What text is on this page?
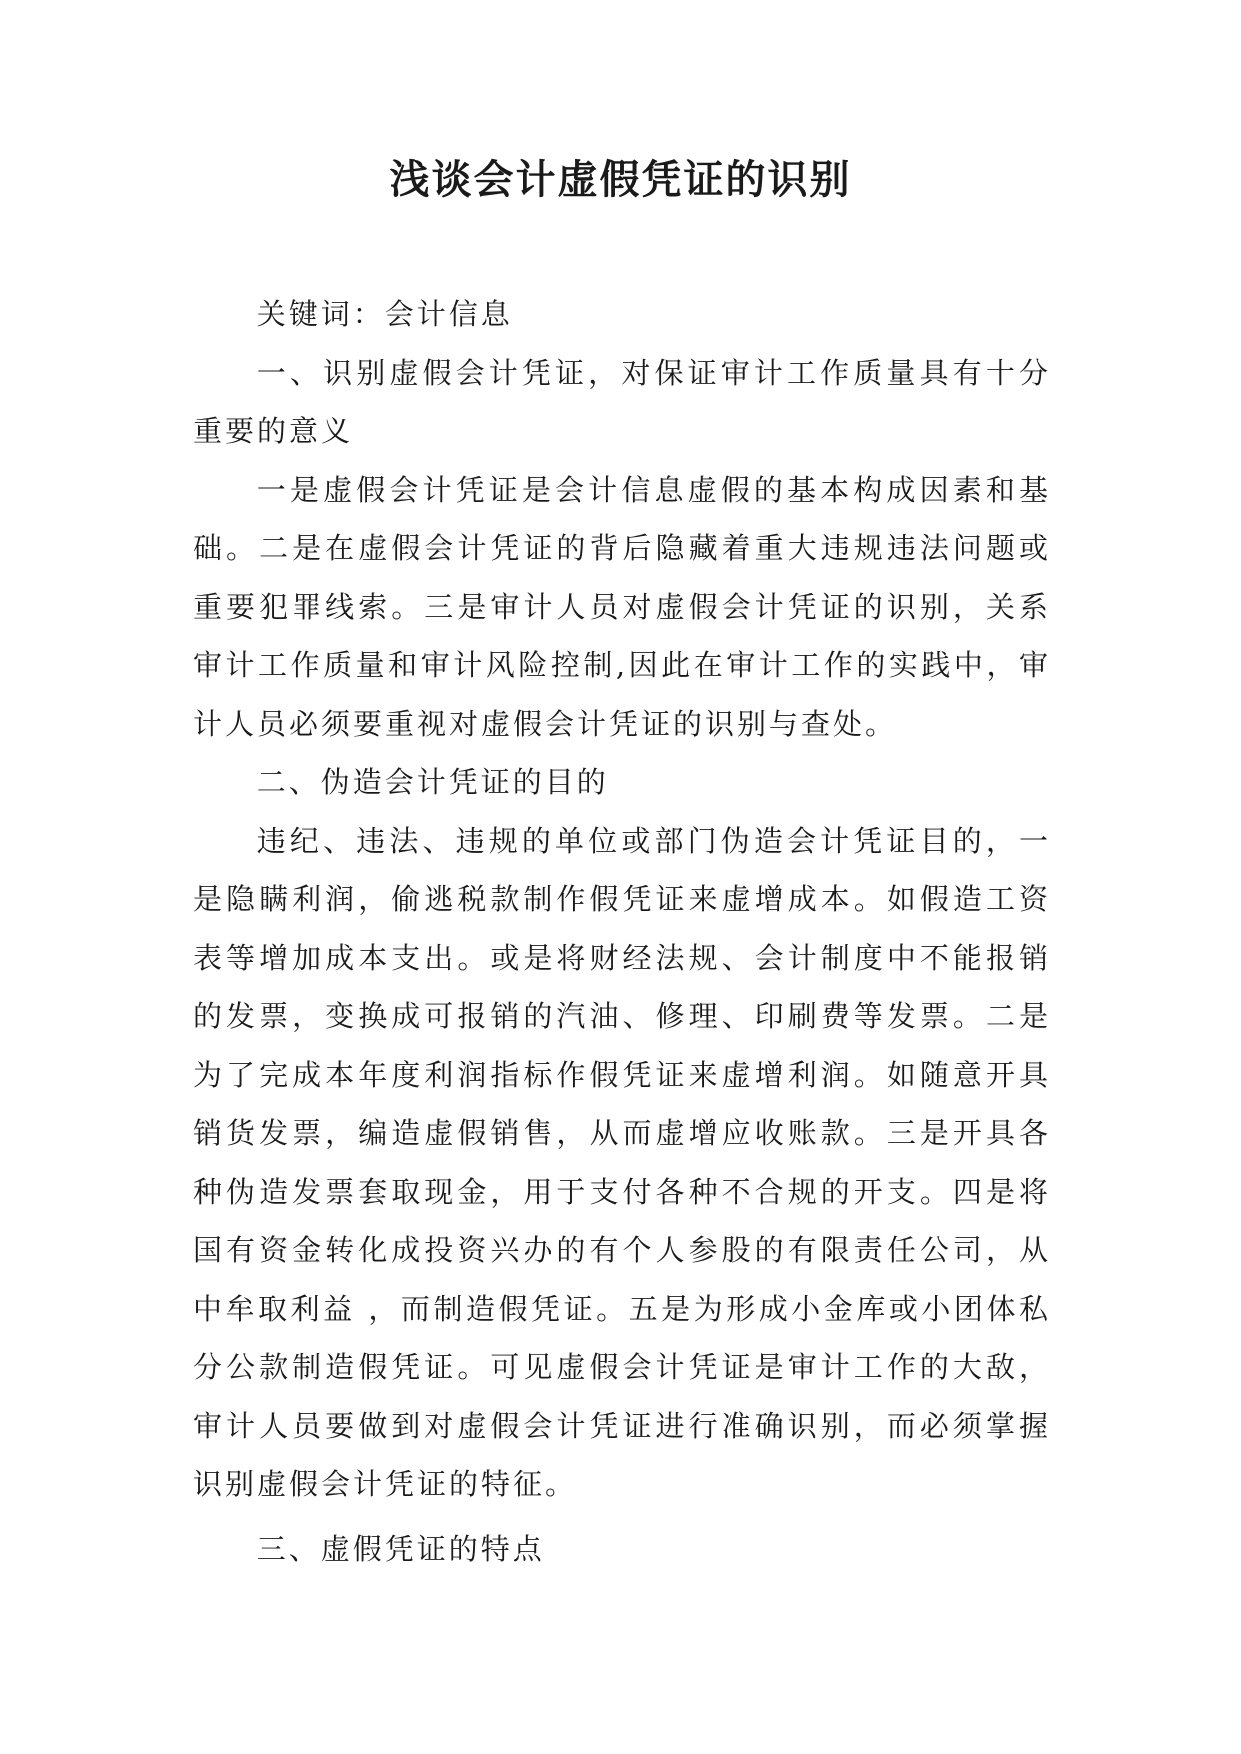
浅谈会计虚假凭证的识别

关键词：会计信息

一、识别虚假会计凭证，对保证审计工作质量具有十分重要的意义

一是虚假会计凭证是会计信息虚假的基本构成因素和基础。二是在虚假会计凭证的背后隐藏着重大违规违法问题或重要犯罪线索。三是审计人员对虚假会计凭证的识别，关系审计工作质量和审计风险控制,因此在审计工作的实践中，审计人员必须要重视对虚假会计凭证的识别与查处。

二、伪造会计凭证的目的

违纪、违法、违规的单位或部门伪造会计凭证目的，一是隐瞒利润，偷逃税款制作假凭证来虚增成本。如假造工资表等增加成本支出。或是将财经法规、会计制度中不能报销的发票，变换成可报销的汽油、修理、印刷费等发票。二是为了完成本年度利润指标作假凭证来虚增利润。如随意开具销货发票，编造虚假销售，从而虚增应收账款。三是开具各种伪造发票套取现金，用于支付各种不合规的开支。四是将国有资金转化成投资兴办的有个人参股的有限责任公司，从中牟取利益 ，而制造假凭证。五是为形成小金库或小团体私分公款制造假凭证。可见虚假会计凭证是审计工作的大敌，审计人员要做到对虚假会计凭证进行准确识别，而必须掌握识别虚假会计凭证的特征。

三、虚假凭证的特点
